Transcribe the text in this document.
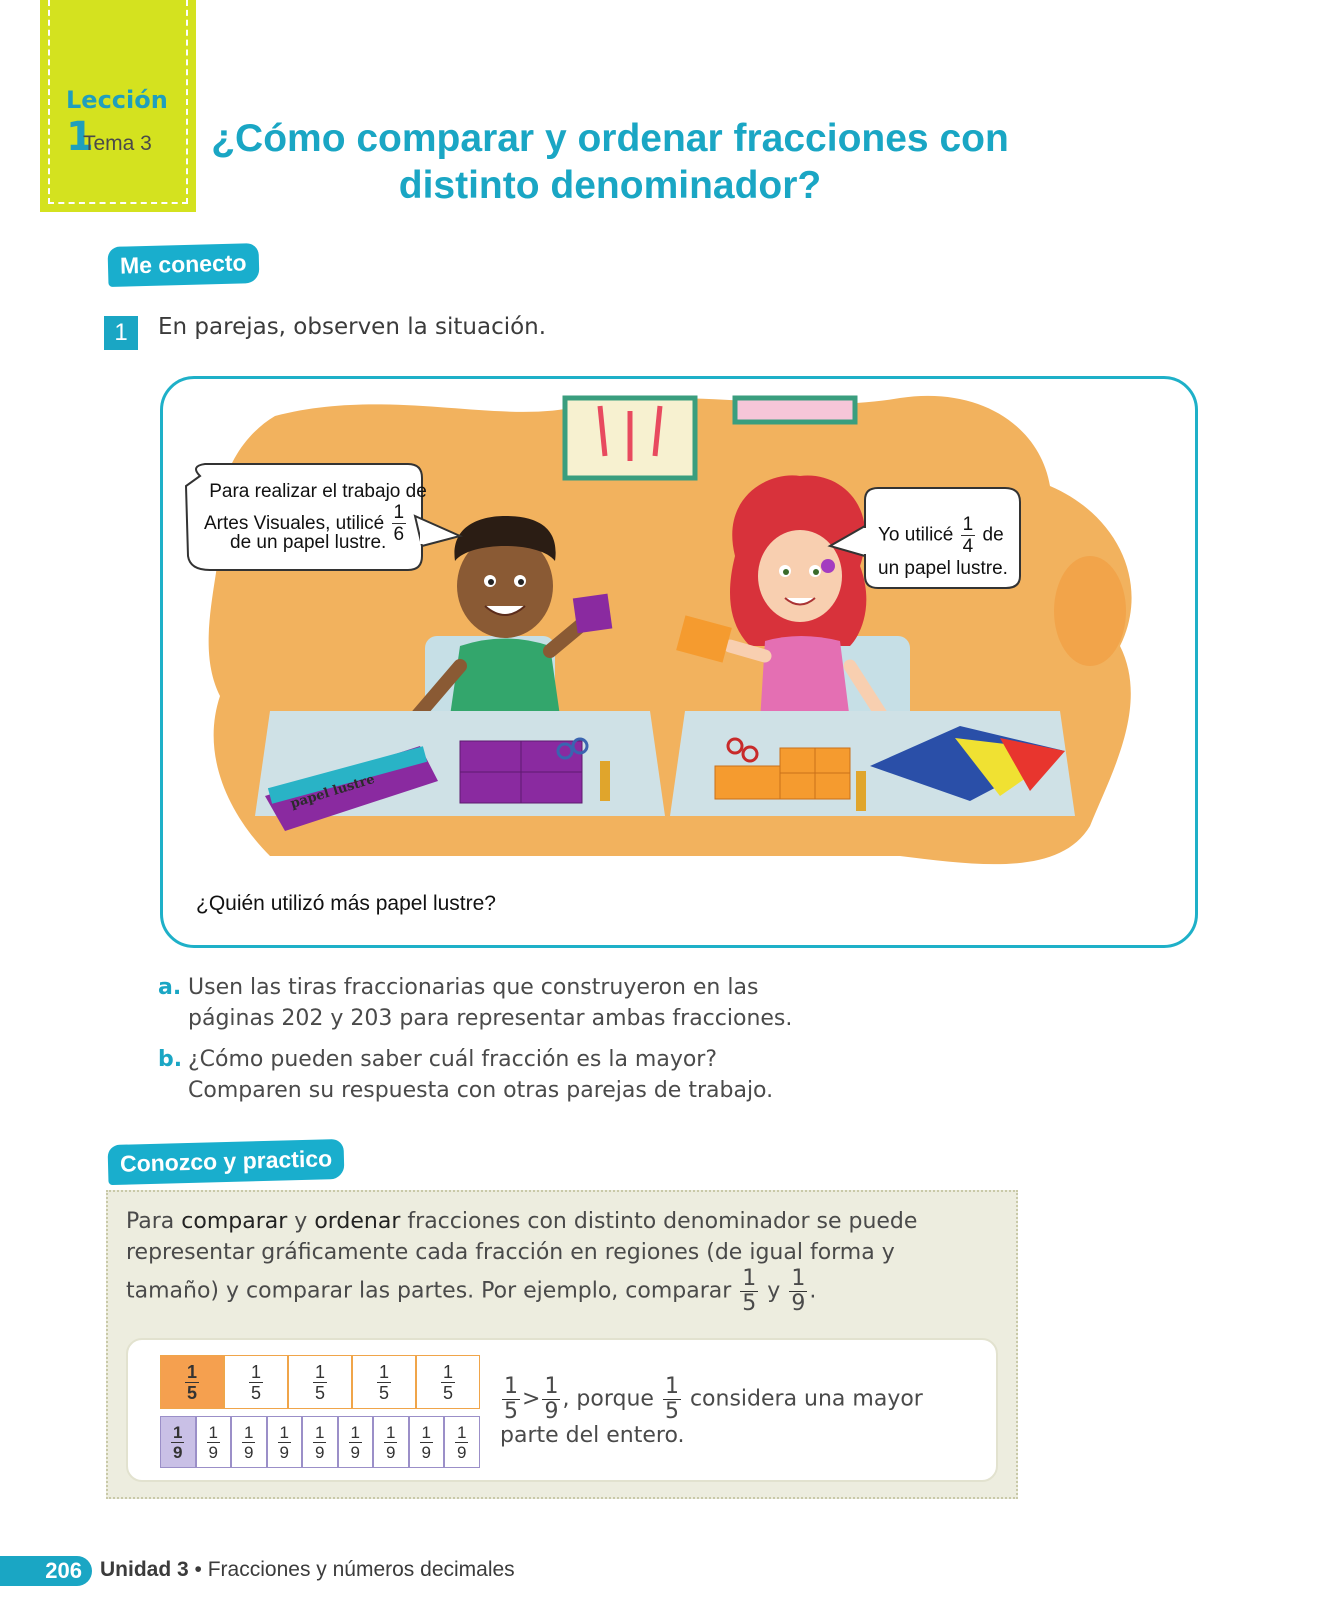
Lección 1
Tema 3 ¿Cómo comparar y ordenar fracciones con
distinto denominador?
Me conecto
1	En parejas, observen la situación.
papel lustre
Para realizar el trabajo de
Artes Visuales, utilicé $\frac{1}{6}$
de un papel lustre.	Yo utilicé $\frac{1}{4}$ de
un papel lustre.
¿Quién utilizó más papel lustre?
a. Usen las tiras fraccionarias que construyeron en las
páginas 202 y 203 para representar ambas fracciones.
b. ¿Cómo pueden saber cuál fracción es la mayor?
Comparen su respuesta con otras parejas de trabajo.
Conozco y practico
Para comparar y ordenar fracciones con distinto denominador se puede representar gráficamente cada fracción en regiones (de igual forma y tamaño) y comparar las partes. Por ejemplo, comparar $\frac{1}{5}$ y $\frac{1}{9}$ .
$\frac{1}{5}$	$\frac{1}{5}$	$\frac{1}{5}$	$\frac{1}{5}$	$\frac{1}{5}$
$\frac{1}{9} \frac{1}{9} \frac{1}{9} \frac{1}{9} \frac{1}{9} \frac{1}{9} \frac{1}{9} \frac{1}{9} \frac{1}{9}$
$\frac{1}{5} > \frac{1}{9}$ , porque $\frac{1}{5}$ considera una mayor
parte del entero.
206 Unidad 3 • Fracciones y números decimales
